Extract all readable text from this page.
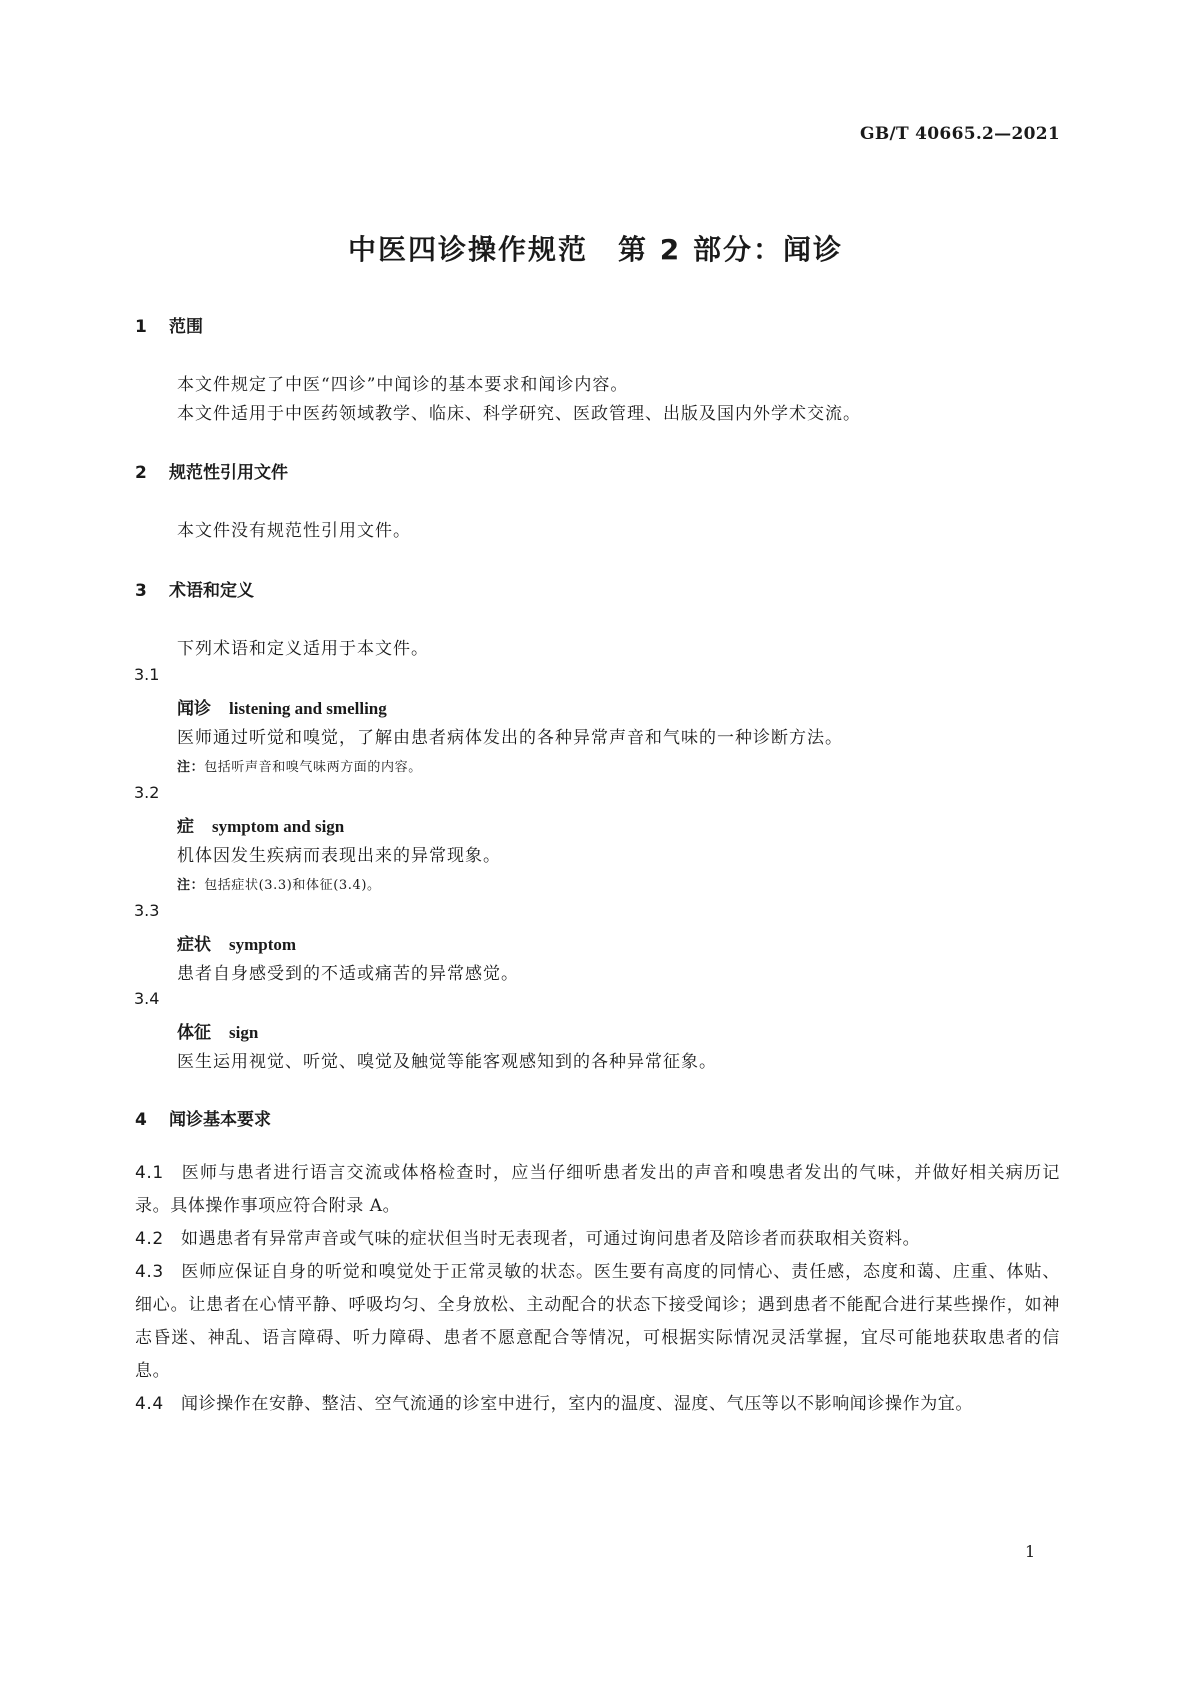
GB/T 40665.2—2021
中医四诊操作规范　第 2 部分：闻诊
1 范围
本文件规定了中医“四诊”中闻诊的基本要求和闻诊内容。
本文件适用于中医药领域教学、临床、科学研究、医政管理、出版及国内外学术交流。
2 规范性引用文件
本文件没有规范性引用文件。
3 术语和定义
下列术语和定义适用于本文件。
3.1
闻诊 listening and smelling
医师通过听觉和嗅觉，了解由患者病体发出的各种异常声音和气味的一种诊断方法。
注：包括听声音和嗅气味两方面的内容。
3.2
症 symptom and sign
机体因发生疾病而表现出来的异常现象。
注：包括症状(3.3)和体征(3.4)。
3.3
症状 symptom
患者自身感受到的不适或痛苦的异常感觉。
3.4
体征 sign
医生运用视觉、听觉、嗅觉及触觉等能客观感知到的各种异常征象。
4 闻诊基本要求
4.1 医师与患者进行语言交流或体格检查时，应当仔细听患者发出的声音和嗅患者发出的气味，并做好相关病历记录。具体操作事项应符合附录 A。
4.2 如遇患者有异常声音或气味的症状但当时无表现者，可通过询问患者及陪诊者而获取相关资料。
4.3 医师应保证自身的听觉和嗅觉处于正常灵敏的状态。医生要有高度的同情心、责任感，态度和蔼、庄重、体贴、细心。让患者在心情平静、呼吸均匀、全身放松、主动配合的状态下接受闻诊；遇到患者不能配合进行某些操作，如神志昏迷、神乱、语言障碍、听力障碍、患者不愿意配合等情况，可根据实际情况灵活掌握，宜尽可能地获取患者的信息。
4.4 闻诊操作在安静、整洁、空气流通的诊室中进行，室内的温度、湿度、气压等以不影响闻诊操作为宜。
1
